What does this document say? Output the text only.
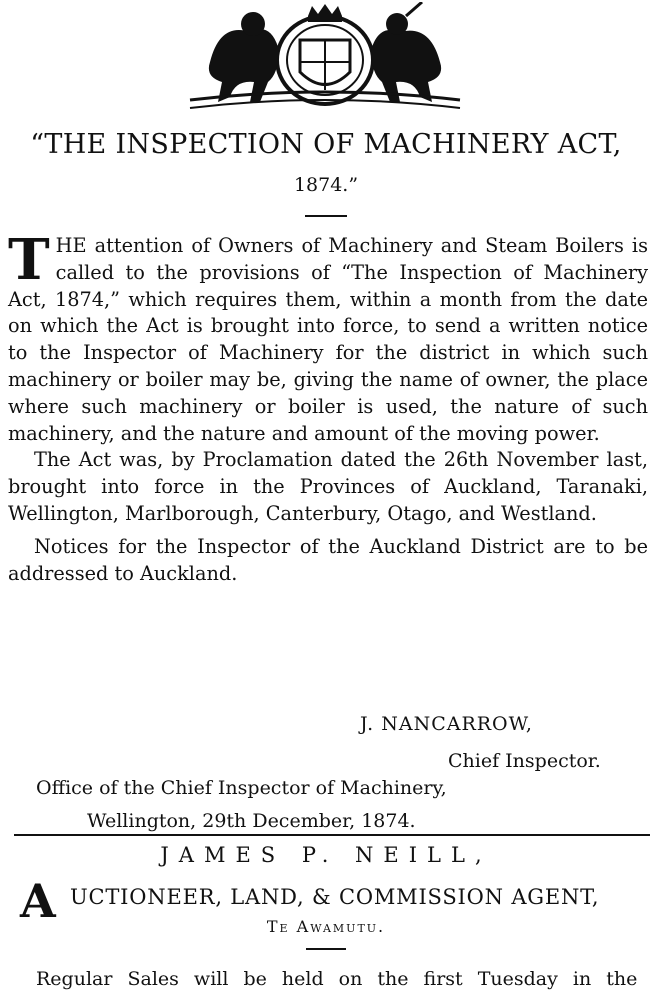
“THE INSPECTION OF MACHINERY ACT,
1874.”

THE attention of Owners of Machinery and Steam Boilers is called to the provisions of “The Inspection of Machinery Act, 1874,” which requires them, within a month from the date on which the Act is brought into force, to send a written notice to the Inspector of Machinery for the district in which such machinery or boiler may be, giving the name of owner, the place where such machinery or boiler is used, the nature of such machinery, and the nature and amount of the moving power.

The Act was, by Proclamation dated the 26th November last, brought into force in the Provinces of Auckland, Taranaki, Wellington, Marlborough, Canterbury, Otago, and Westland.

Notices for the Inspector of the Auckland District are to be addressed to Auckland.

J. NANCARROW,
Chief Inspector.
Office of the Chief Inspector of Machinery,
Wellington, 29th December, 1874.
JAMES P. NEILL,
A UCTIONEER, LAND, & COMMISSION AGENT,
Te Awamutu.
Regular Sales will be held on the first Tuesday in the
